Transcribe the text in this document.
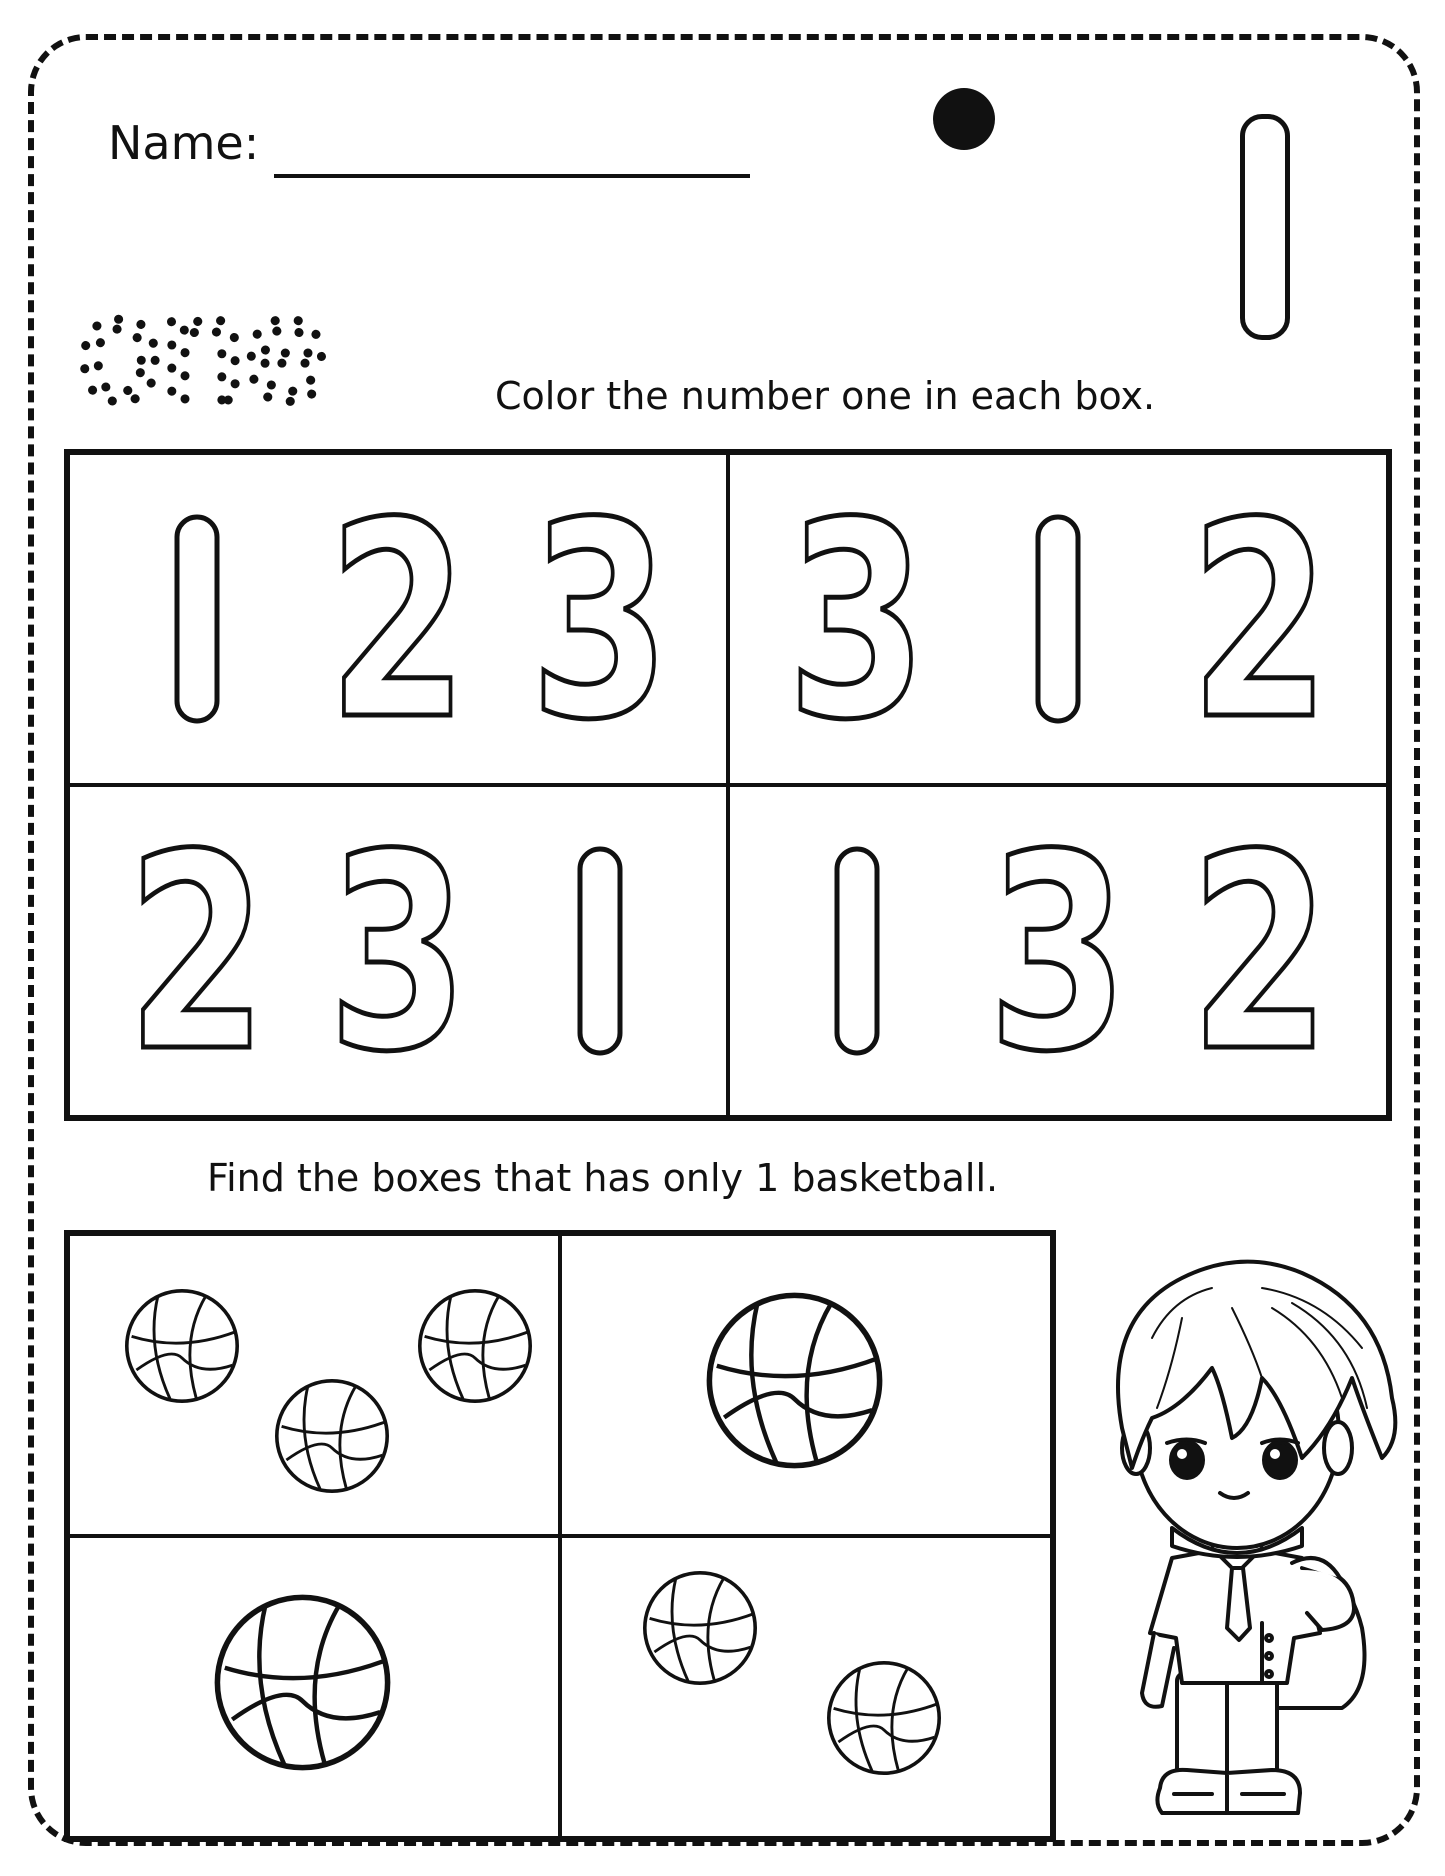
Name:
one	Color the number one in each box.
1 2 3 3	1 2
2 3	1	1 3 2
Find the boxes that has only 1 basketball.
